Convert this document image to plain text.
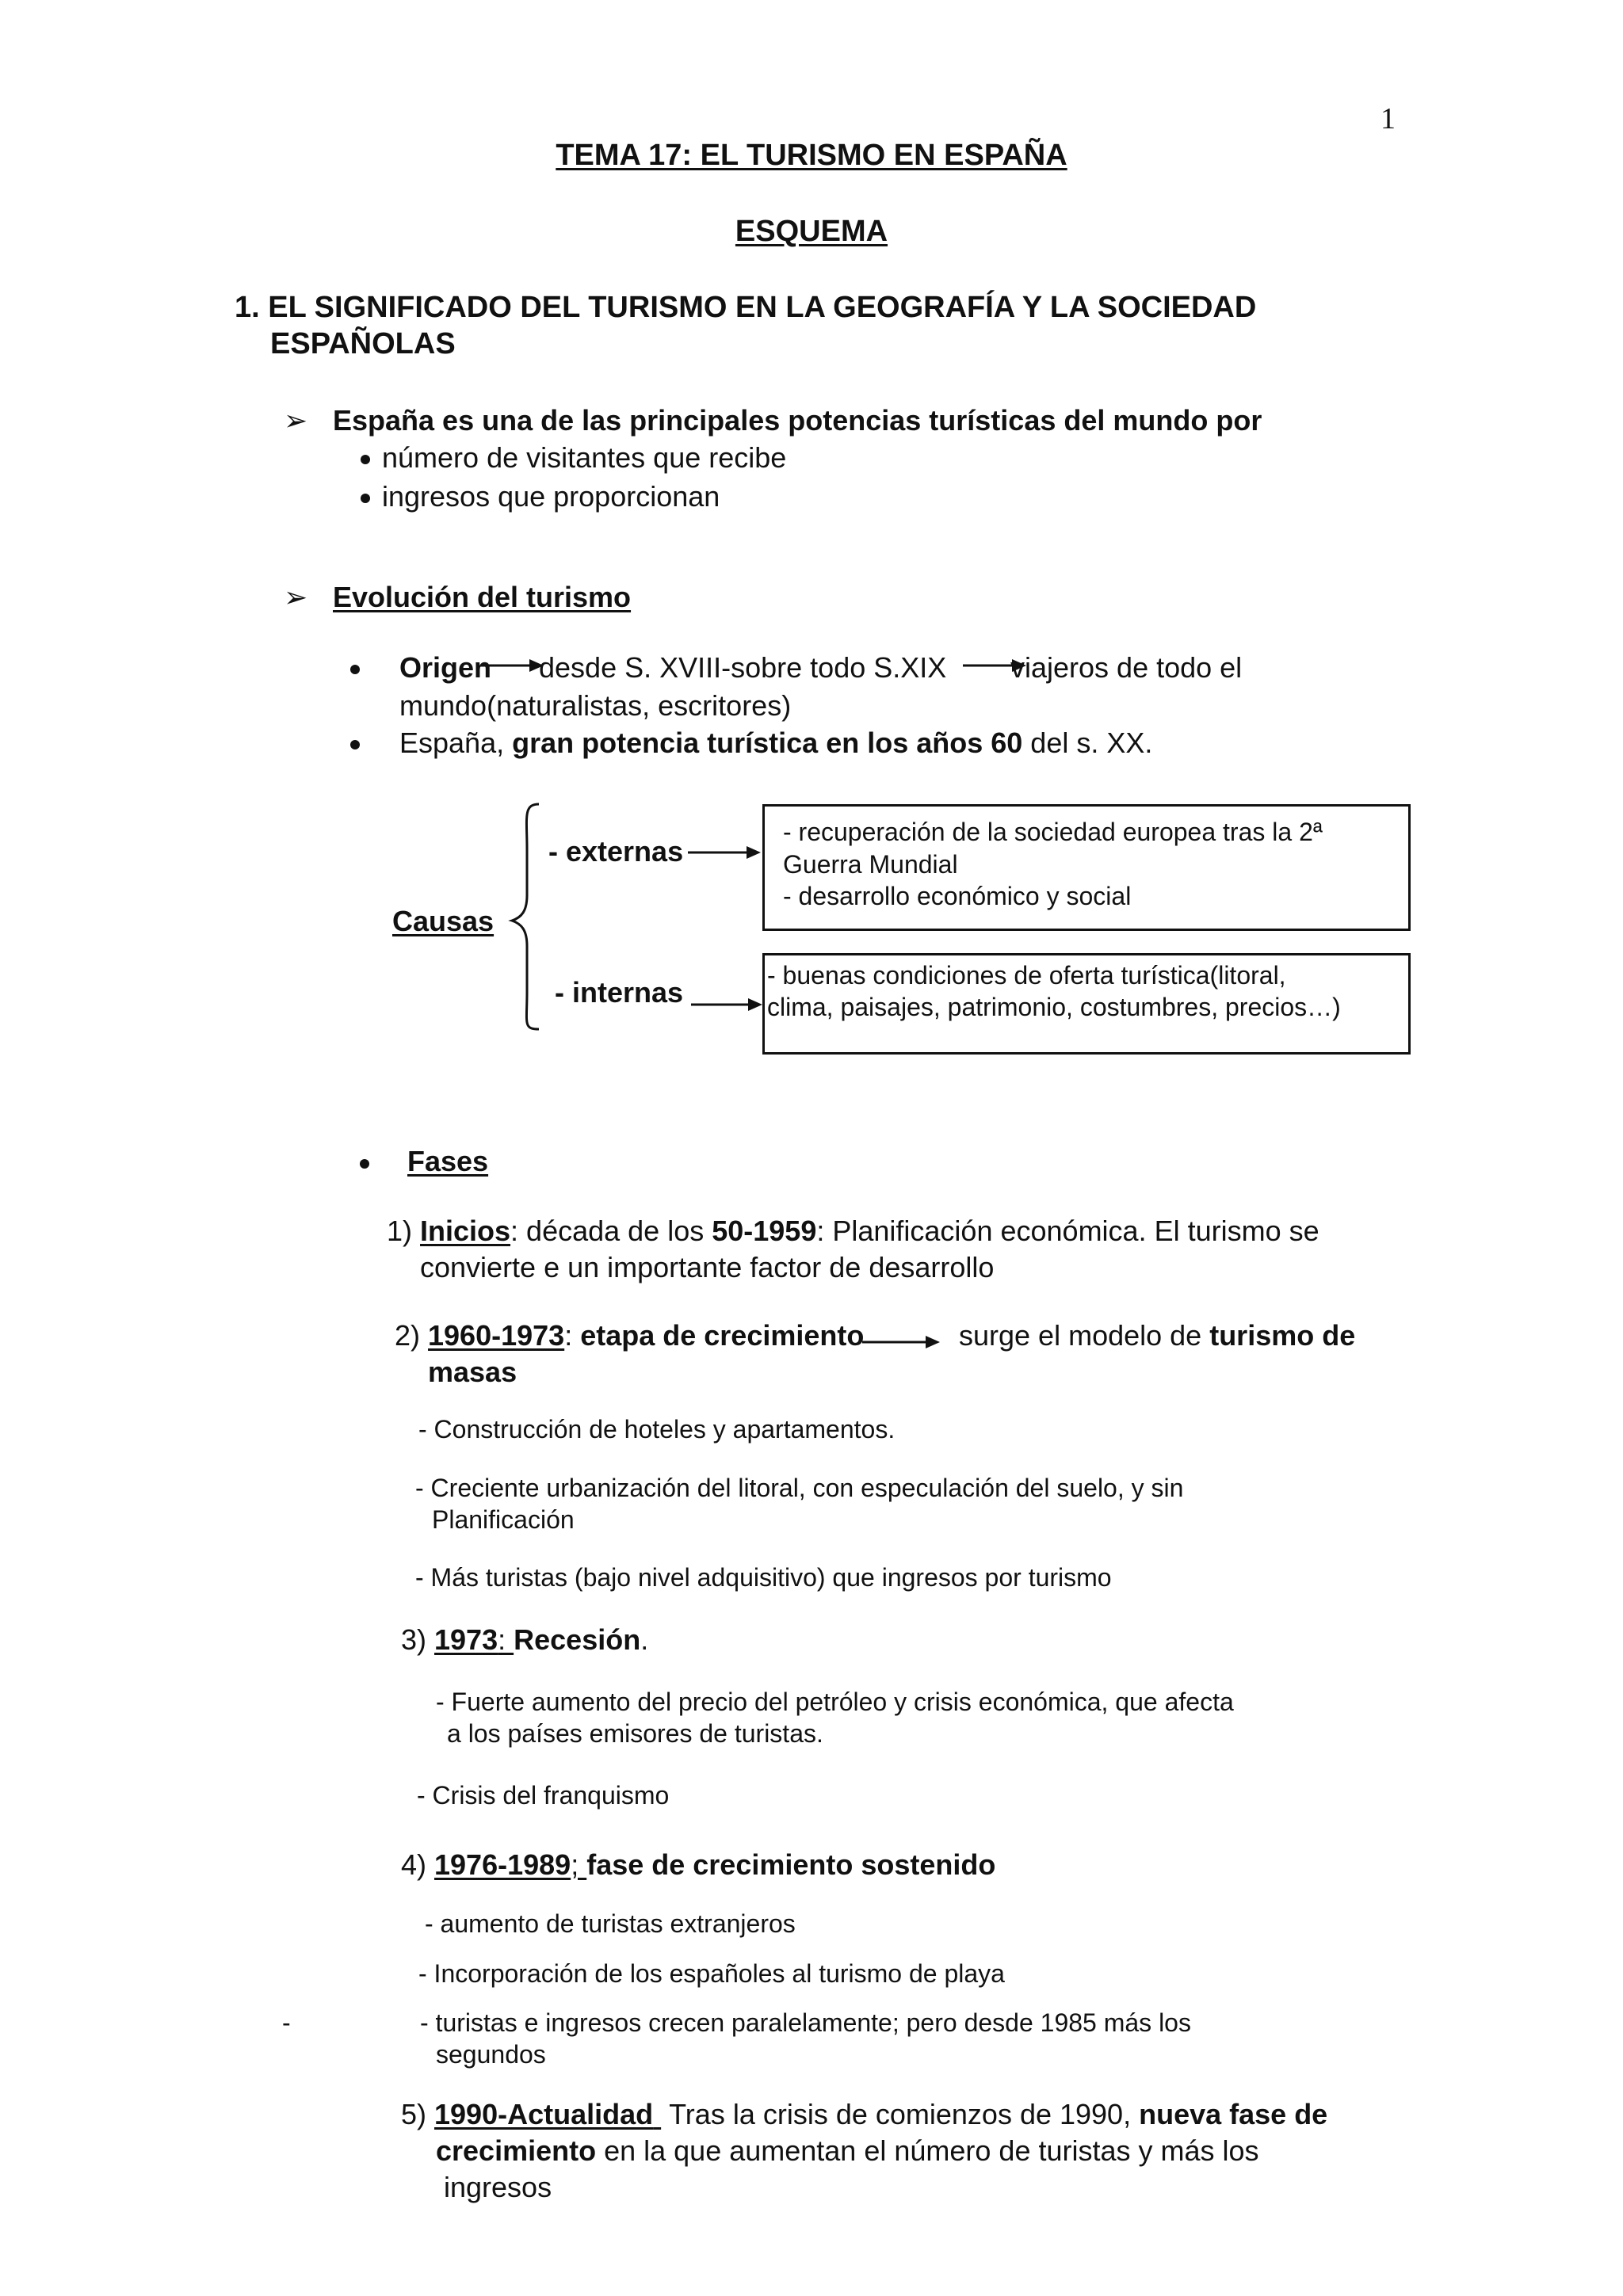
1
TEMA 17: EL TURISMO EN ESPAÑA
ESQUEMA
1. EL SIGNIFICADO DEL TURISMO EN LA GEOGRAFÍA Y LA SOCIEDAD
ESPAÑOLAS
➢ España es una de las principales potencias turísticas del mundo por
número de visitantes que recibe
ingresos que proporcionan
➢ Evolución del turismo
Origen desde S. XVIII-sobre todo S.XIX viajeros de todo el
mundo(naturalistas, escritores)
España, gran potencia turística en los años 60 del s. XX.
Causas
- externas
- recuperación de la sociedad europea tras la 2ª
Guerra Mundial
- desarrollo económico y social
- internas
- buenas condiciones de oferta turística(litoral,
clima, paisajes, patrimonio, costumbres, precios…)
Fases
1) Inicios: década de los 50-1959: Planificación económica. El turismo se
convierte e un importante factor de desarrollo
2) 1960-1973: etapa de crecimiento	surge el modelo de turismo de
masas
- Construcción de hoteles y apartamentos.
- Creciente urbanización del litoral, con especulación del suelo, y sin
Planificación
- Más turistas (bajo nivel adquisitivo) que ingresos por turismo
3) 1973: Recesión.
- Fuerte aumento del precio del petróleo y crisis económica, que afecta
a los países emisores de turistas.
- Crisis del franquismo
4) 1976-1989; fase de crecimiento sostenido
- aumento de turistas extranjeros
- Incorporación de los españoles al turismo de playa
-	- turistas e ingresos crecen paralelamente; pero desde 1985 más los
segundos
5) 1990-Actualidad Tras la crisis de comienzos de 1990, nueva fase de
crecimiento en la que aumentan el número de turistas y más los
ingresos
